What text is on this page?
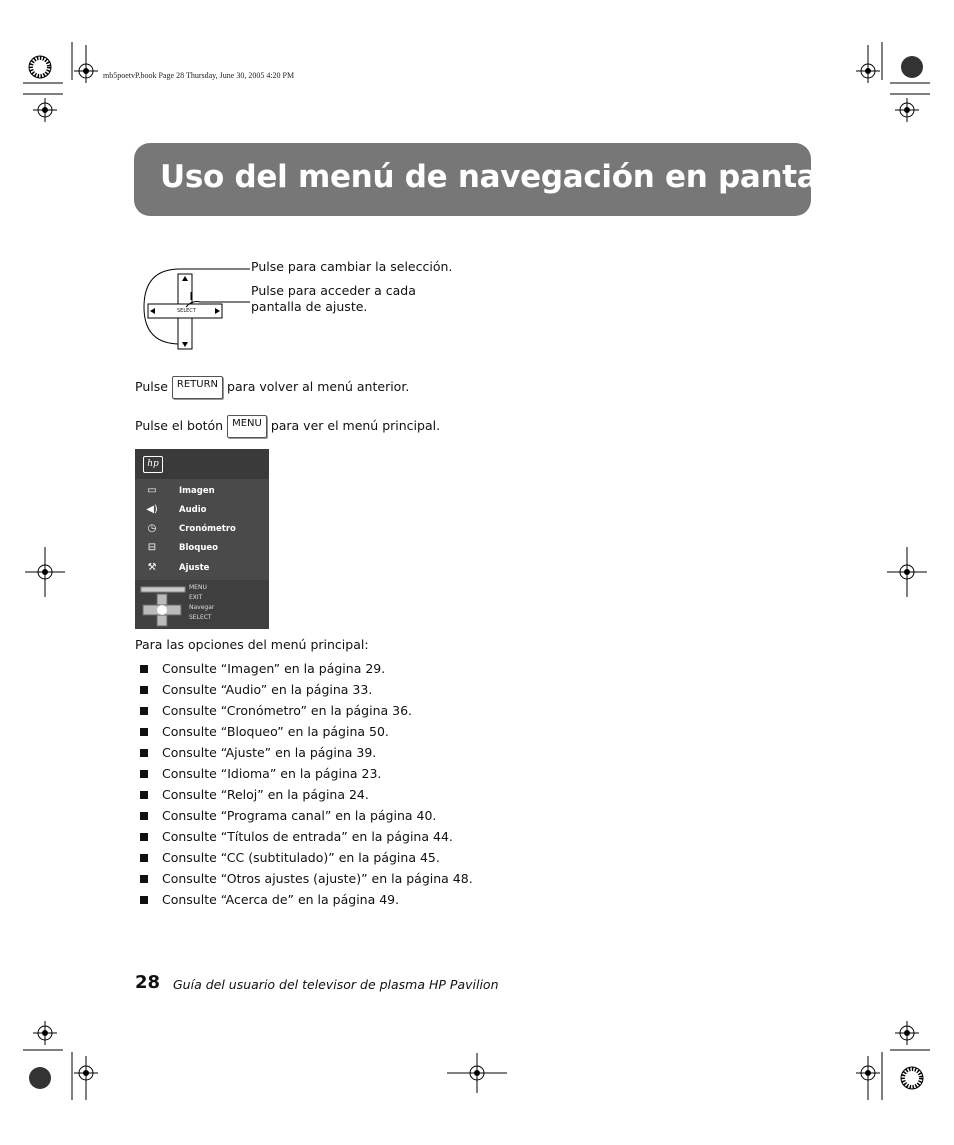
mb5poetvP.book Page 28 Thursday, June 30, 2005 4:20 PM
Uso del menú de navegación en pantalla
SELECT
Pulse para cambiar la selección.
Pulse para acceder a cada
pantalla de ajuste.
Pulse RETURN para volver al menú anterior.
Pulse el botón MENU para ver el menú principal.
hp
▭	Imagen
◀) Audio
◷	Cronómetro
⊟	Bloqueo
⚒	Ajuste
MENU
EXIT
Navegar
SELECT
Para las opciones del menú principal:
Consulte “Imagen” en la página 29.
Consulte “Audio” en la página 33.
Consulte “Cronómetro” en la página 36.
Consulte “Bloqueo” en la página 50.
Consulte “Ajuste” en la página 39.
Consulte “Idioma” en la página 23.
Consulte “Reloj” en la página 24.
Consulte “Programa canal” en la página 40.
Consulte “Títulos de entrada” en la página 44.
Consulte “CC (subtitulado)” en la página 45.
Consulte “Otros ajustes (ajuste)” en la página 48.
Consulte “Acerca de” en la página 49.
28 Guía del usuario del televisor de plasma HP Pavilion
